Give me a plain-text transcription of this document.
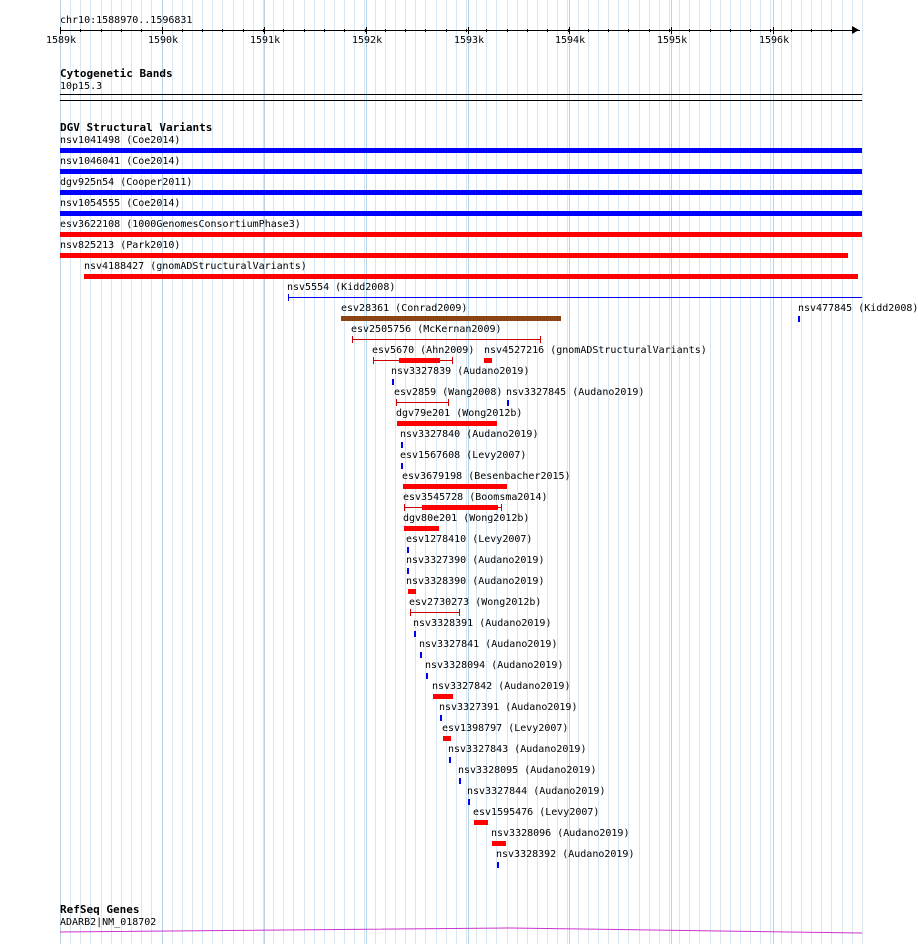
chr10:1588970..1596831
1589k	1590k	1591k	1592k	1593k	1594k	1595k	1596k
Cytogenetic Bands
10p15.3
DGV Structural Variants
nsv1041498 (Coe2014)
nsv1046041 (Coe2014)
dgv925n54 (Cooper2011)
nsv1054555 (Coe2014)
esv3622108 (1000GenomesConsortiumPhase3)
nsv825213 (Park2010)
nsv4188427 (gnomADStructuralVariants)
nsv5554 (Kidd2008)
esv28361 (Conrad2009)	nsv477845 (Kidd2008)
esv2505756 (McKernan2009)
esv5670 (Ahn2009) nsv4527216 (gnomADStructuralVariants)
nsv3327839 (Audano2019)
esv2859 (Wang2008) nsv3327845 (Audano2019)
dgv79e201 (Wong2012b)
nsv3327840 (Audano2019)
esv1567608 (Levy2007)
esv3679198 (Besenbacher2015)
esv3545728 (Boomsma2014)
dgv80e201 (Wong2012b)
esv1278410 (Levy2007)
nsv3327390 (Audano2019)
nsv3328390 (Audano2019)
esv2730273 (Wong2012b)
nsv3328391 (Audano2019)
nsv3327841 (Audano2019)
nsv3328094 (Audano2019)
nsv3327842 (Audano2019)
nsv3327391 (Audano2019)
esv1398797 (Levy2007)
nsv3327843 (Audano2019)
nsv3328095 (Audano2019)
nsv3327844 (Audano2019)
esv1595476 (Levy2007)
nsv3328096 (Audano2019)
nsv3328392 (Audano2019)
RefSeq Genes
ADARB2|NM_018702
